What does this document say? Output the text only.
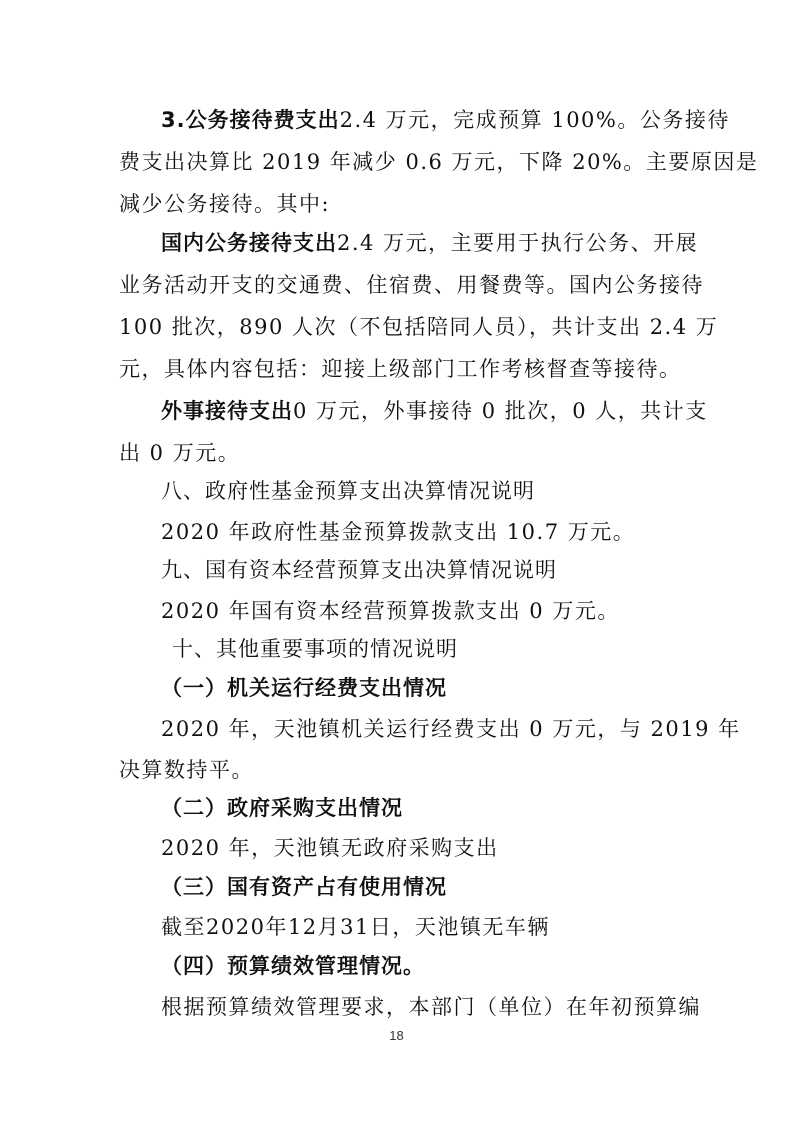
3.公务接待费支出2.4 万元，完成预算 100%。公务接待
费支出决算比 2019 年减少 0.6 万元，下降 20%。主要原因是
减少公务接待。其中:
国内公务接待支出2.4 万元，主要用于执行公务、开展
业务活动开支的交通费、住宿费、用餐费等。国内公务接待
100 批次，890 人次（不包括陪同人员），共计支出 2.4 万
元，具体内容包括：迎接上级部门工作考核督查等接待。
外事接待支出0 万元，外事接待 0 批次，0 人，共计支
出 0 万元。
八、政府性基金预算支出决算情况说明
2020 年政府性基金预算拨款支出 10.7 万元。
九、国有资本经营预算支出决算情况说明
2020 年国有资本经营预算拨款支出 0 万元。
十、其他重要事项的情况说明
（一）机关运行经费支出情况
2020 年，天池镇机关运行经费支出 0 万元，与 2019 年
决算数持平。
（二）政府采购支出情况
2020 年，天池镇无政府采购支出
（三）国有资产占有使用情况
截至2020年12月31日，天池镇无车辆
（四）预算绩效管理情况。
根据预算绩效管理要求，本部门（单位）在年初预算编
18
